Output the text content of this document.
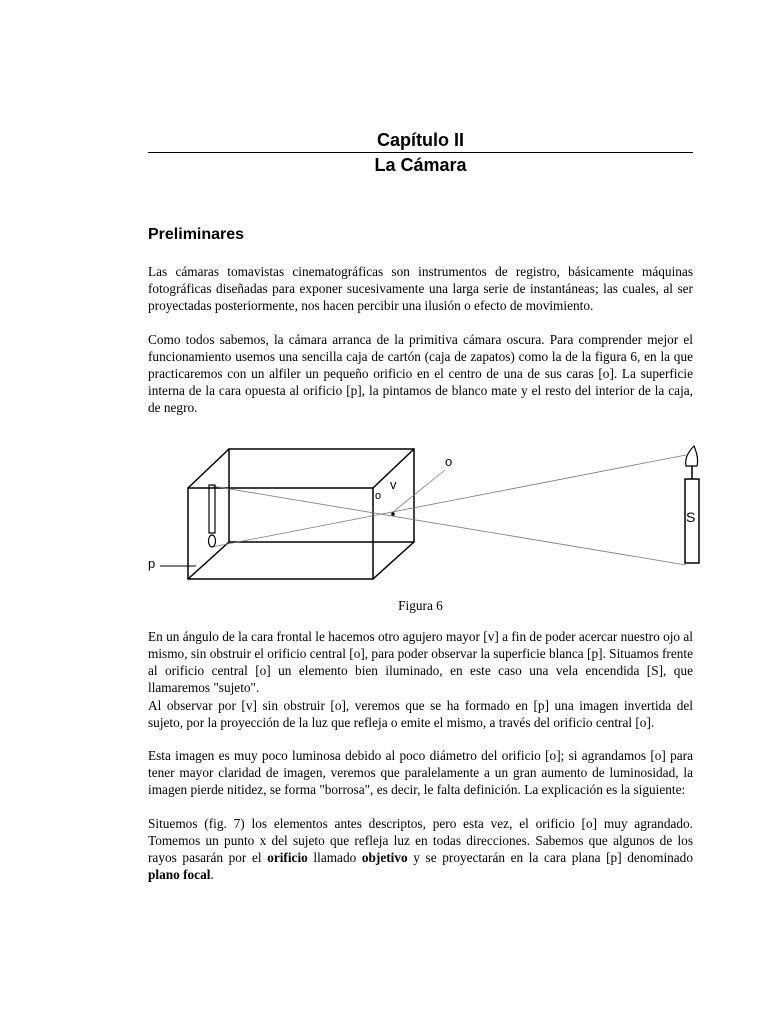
Capítulo II
La Cámara
Preliminares

Las cámaras tomavistas cinematográficas son instrumentos de registro, básicamente máquinas fotográficas diseñadas para exponer sucesivamente una larga serie de instantáneas; las cuales, al ser proyectadas posteriormente, nos hacen percibir una ilusión o efecto de movimiento.

Como todos sabemos, la cámara arranca de la primitiva cámara oscura. Para comprender mejor el funcionamiento usemos una sencilla caja de cartón (caja de zapatos) como la de la figura 6, en la que practicaremos con un alfiler un pequeño orificio en el centro de una de sus caras [o]. La superficie interna de la cara opuesta al orificio [p], la pintamos de blanco mate y el resto del interior de la caja, de negro.

o
o
v
S
p
Figura 6

En un ángulo de la cara frontal le hacemos otro agujero mayor [v] a fin de poder acercar nuestro ojo al mismo, sin obstruir el orificio central [o], para poder observar la superficie blanca [p]. Situamos frente al orificio central [o] un elemento bien iluminado, en este caso una vela encendida [S], que llamaremos "sujeto".

Al observar por [v] sin obstruir [o], veremos que se ha formado en [p] una imagen invertida del sujeto, por la proyección de la luz que refleja o emite el mismo, a través del orificio central [o].

Esta imagen es muy poco luminosa debido al poco diámetro del orificio [o]; si agrandamos [o] para tener mayor claridad de imagen, veremos que paralelamente a un gran aumento de luminosidad, la imagen pierde nitidez, se forma "borrosa", es decir, le falta definición. La explicación es la siguiente:

Situemos (fig. 7) los elementos antes descriptos, pero esta vez, el orificio [o] muy agrandado. Tomemos un punto x del sujeto que refleja luz en todas direcciones. Sabemos que algunos de los rayos pasarán por el orificio llamado objetivo y se proyectarán en la cara plana [p] denominado plano focal.
